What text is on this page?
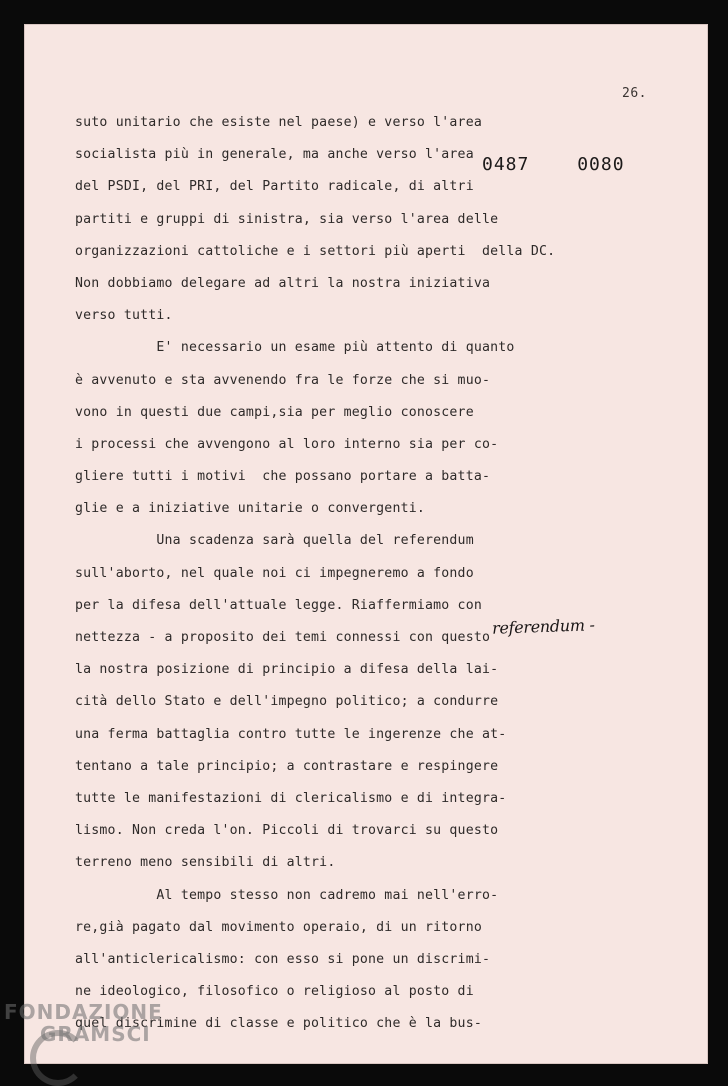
26.
0487	0080
suto unitario che esiste nel paese) e verso l'area
socialista più in generale, ma anche verso l'area
del PSDI, del PRI, del Partito radicale, di altri
partiti e gruppi di sinistra, sia verso l'area delle
organizzazioni cattoliche e i settori più aperti  della DC.
Non dobbiamo delegare ad altri la nostra iniziativa
verso tutti.
E' necessario un esame più attento di quanto
è avvenuto e sta avvenendo fra le forze che si muo-
vono in questi due campi,sia per meglio conoscere
i processi che avvengono al loro interno sia per co-
gliere tutti i motivi  che possano portare a batta-
glie e a iniziative unitarie o convergenti.
Una scadenza sarà quella del referendum
sull'aborto, nel quale noi ci impegneremo a fondo
per la difesa dell'attuale legge. Riaffermiamo con
nettezza - a proposito dei temi connessi con questo
la nostra posizione di principio a difesa della lai-
cità dello Stato e dell'impegno politico; a condurre
una ferma battaglia contro tutte le ingerenze che at-
tentano a tale principio; a contrastare e respingere
tutte le manifestazioni di clericalismo e di integra-
lismo. Non creda l'on. Piccoli di trovarci su questo
terreno meno sensibili di altri.
Al tempo stesso non cadremo mai nell'erro-
re,già pagato dal movimento operaio, di un ritorno
all'anticlericalismo: con esso si pone un discrimi-
ne ideologico, filosofico o religioso al posto di
quel discrimine di classe e politico che è la bus-
referendum -
FONDAZIONE
GRAMSCI
